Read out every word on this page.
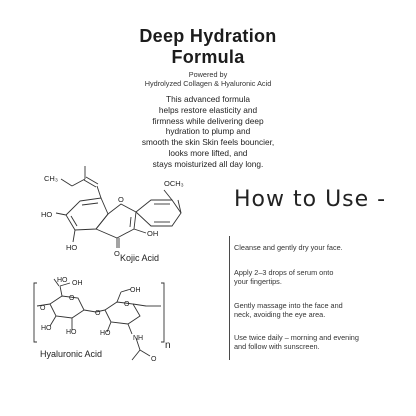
Deep Hydration
Formula
Powered by
Hydrolyzed Collagen & Hyaluronic Acid
This advanced formula
helps restore elasticity and
firmness while delivering deep
hydration to plump and
smooth the skin Skin feels bouncier,
looks more lifted, and
stays moisturized all day long.
CH₃
HO
O
OCH₃
OH
O
HO
HO OH
O
O
O
HO
HO
OH
O
HO
NH
O
n
Kojic Acid
Hyaluronic Acid
How to Use -
Cleanse and gently dry your face.
Apply 2–3 drops of serum onto
your fingertips.
Gently massage into the face and
neck, avoiding the eye area.
Use twice daily – morning and evening
and follow with sunscreen.
